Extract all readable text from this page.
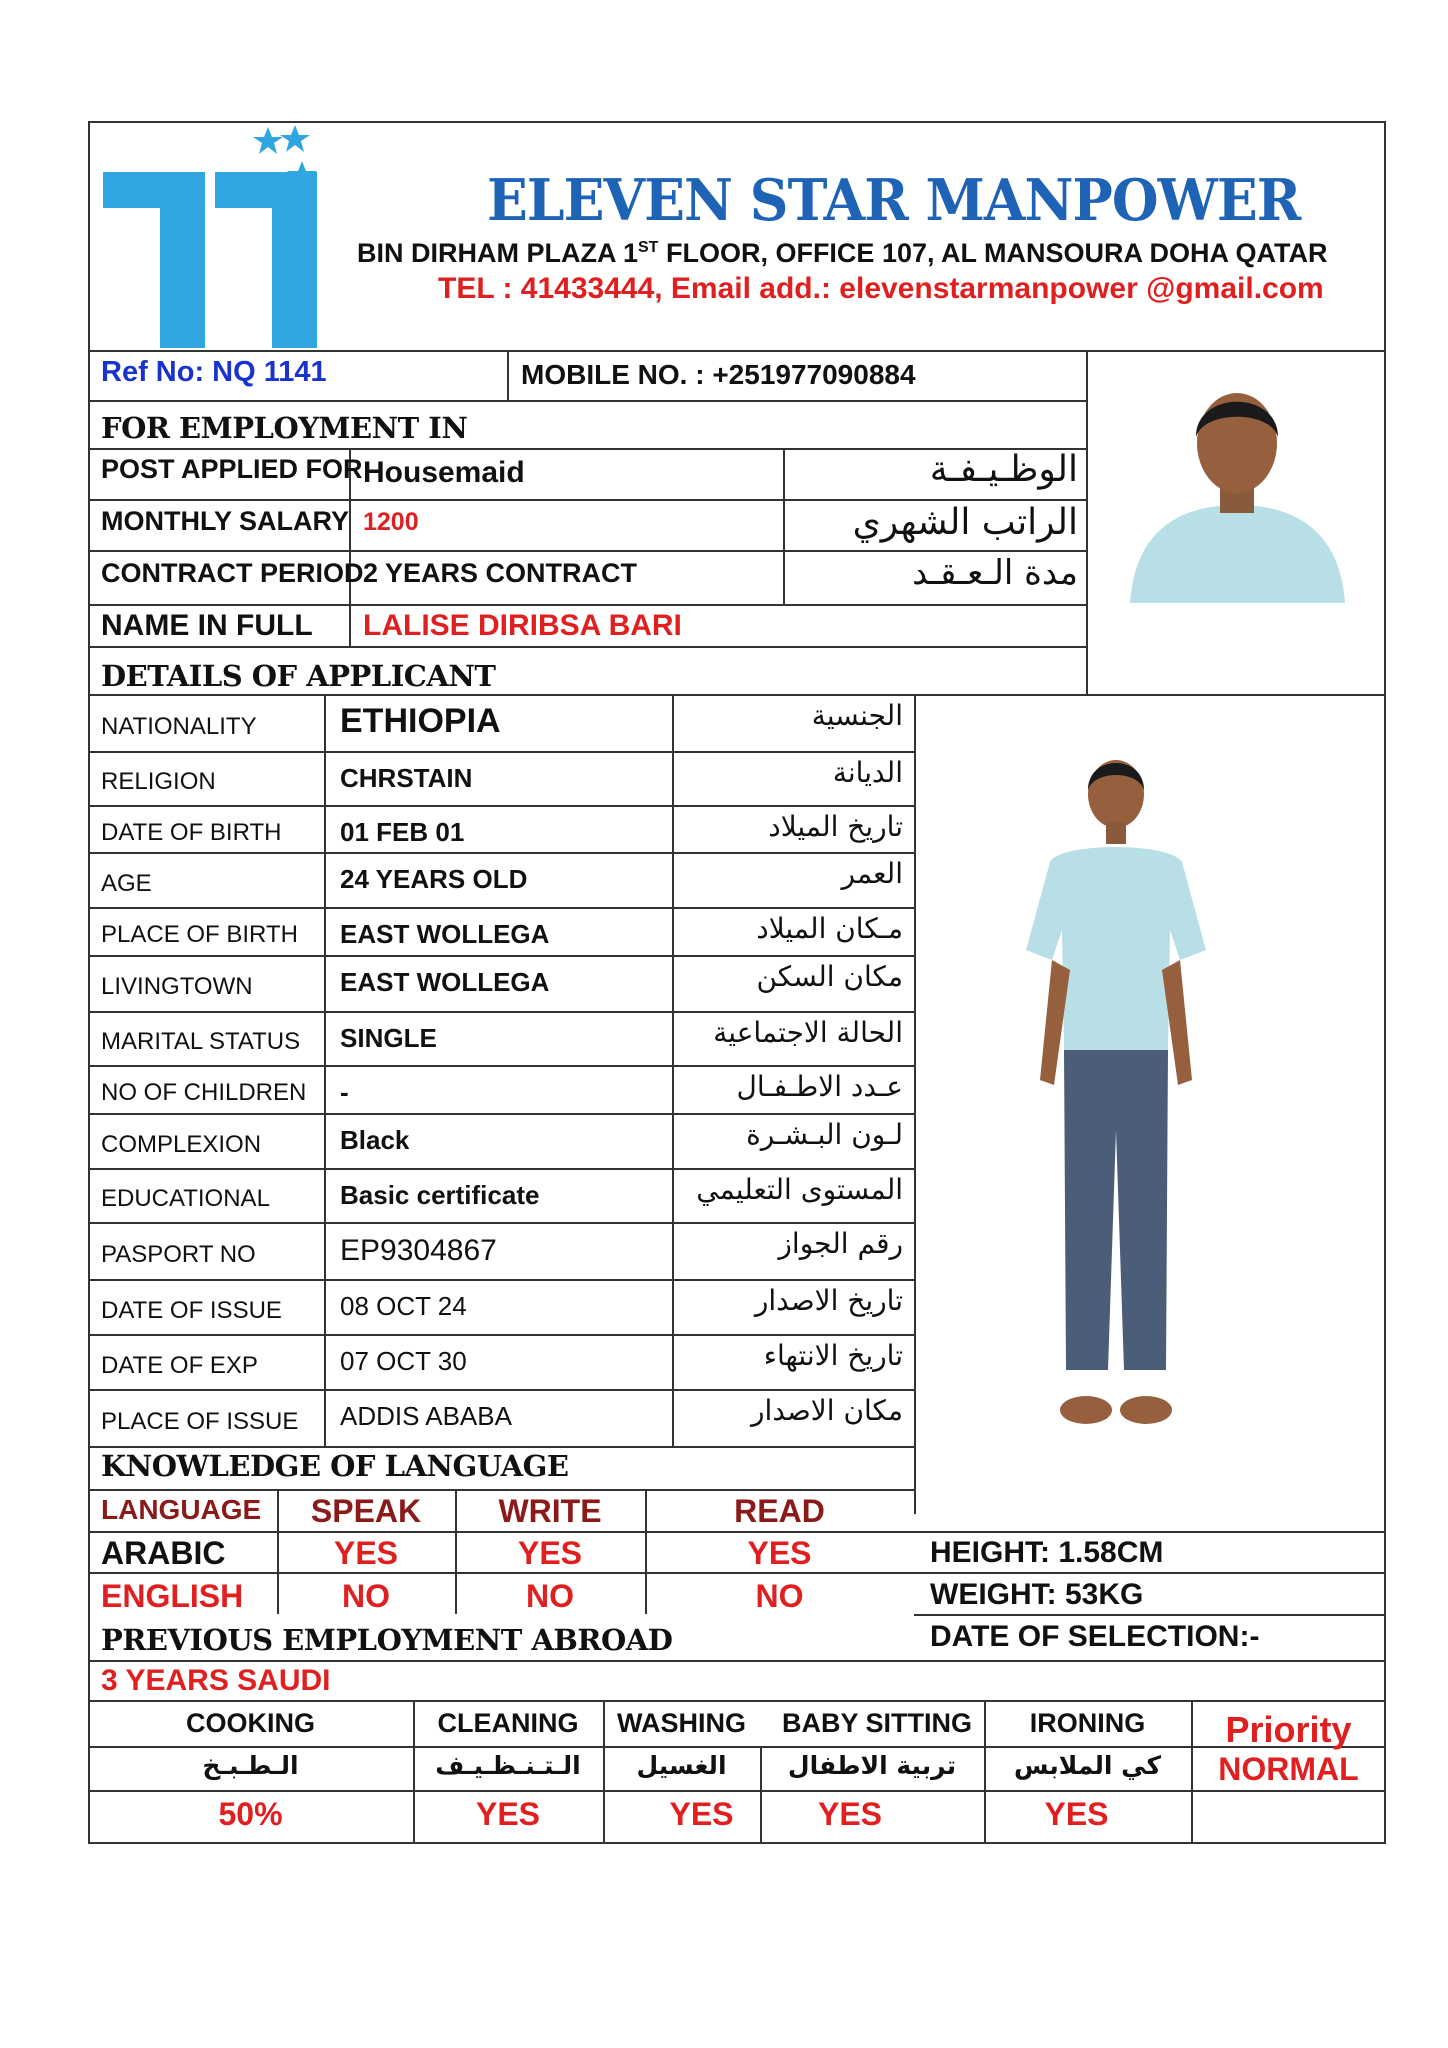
ELEVEN STAR MANPOWER
BIN DIRHAM PLAZA 1ST FLOOR, OFFICE 107, AL MANSOURA DOHA QATAR
TEL : 41433444, Email add.: elevenstarmanpower @gmail.com
Ref No: NQ 1141	MOBILE NO. : +251977090884
FOR EMPLOYMENT IN
POST APPLIED FOR Housemaid	الوظـيـفـة
MONTHLY SALARY 1200	الراتب الشهري
CONTRACT PERIOD 2 YEARS CONTRACT	مدة الـعـقـد
NAME IN FULL LALISE DIRIBSA BARI
DETAILS OF APPLICANT
NATIONALITY ETHIOPIA	الجنسية
RELIGION	CHRSTAIN	الديانة
DATE OF BIRTH 01 FEB 01	تاريخ الميلاد
AGE	24 YEARS OLD	العمر
PLACE OF BIRTH EAST WOLLEGA	مـكان الميلاد
LIVINGTOWN	EAST WOLLEGA	مكان السكن
MARITAL STATUS SINGLE	الحالة الاجتماعية
NO OF CHILDREN -	عـدد الاطـفـال
COMPLEXION	Black	لـون البـشـرة
EDUCATIONAL	Basic certificate	المستوى التعليمي
PASPORT NO	EP9304867	رقم الجواز
DATE OF ISSUE 08 OCT 24	تاريخ الاصدار
DATE OF EXP	07 OCT 30	تاريخ الانتهاء
PLACE OF ISSUE ADDIS ABABA	مكان الاصدار
KNOWLEDGE OF LANGUAGE
LANGUAGE	SPEAK	WRITE	READ
ARABIC	YES	YES	YES
ENGLISH	NO	NO	NO
HEIGHT: 1.58CM
WEIGHT: 53KG
DATE OF SELECTION:-
PREVIOUS EMPLOYMENT ABROAD
3 YEARS SAUDI
COOKING	CLEANING	WASHING	BABY SITTING	IRONING	Priority
الـطـبـخ	الـتـنـظـيـف	الغسيل	تربية الاطفال	كي الملابس	NORMAL
50%	YES	YES	YES	YES
